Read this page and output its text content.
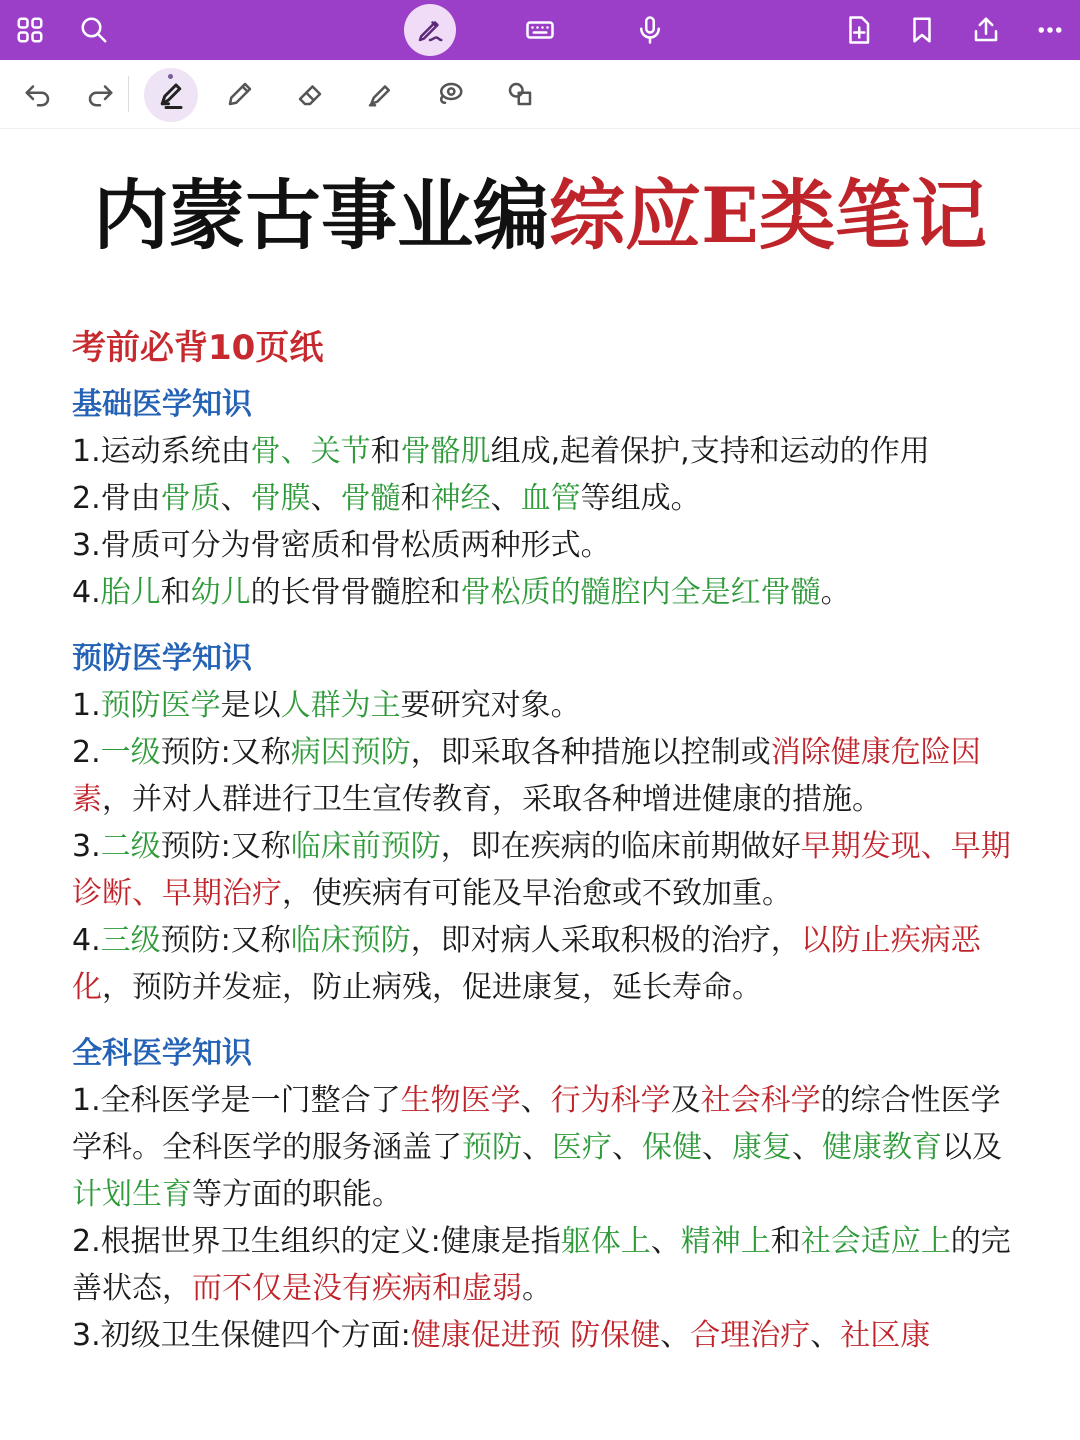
内蒙古事业编综应E类笔记
考前必背10页纸
基础医学知识

1.运动系统由骨、关节和骨骼肌组成,起着保护,支持和运动的作用

2.骨由骨质、骨膜、骨髓和神经、血管等组成。

3.骨质可分为骨密质和骨松质两种形式。

4.胎儿和幼儿的长骨骨髓腔和骨松质的髓腔内全是红骨髓。

预防医学知识

1.预防医学是以人群为主要研究对象。

2.一级预防:又称病因预防，即采取各种措施以控制或消除健康危险因素，并对人群进行卫生宣传教育，采取各种增进健康的措施。

3.二级预防:又称临床前预防，即在疾病的临床前期做好早期发现、早期诊断、早期治疗，使疾病有可能及早治愈或不致加重。

4.三级预防:又称临床预防，即对病人采取积极的治疗，以防止疾病恶化，预防并发症，防止病残，促进康复，延长寿命。

全科医学知识

1.全科医学是一门整合了生物医学、行为科学及社会科学的综合性医学学科。全科医学的服务涵盖了预防、医疗、保健、康复、健康教育以及计划生育等方面的职能。

2.根据世界卫生组织的定义:健康是指躯体上、精神上和社会适应上的完善状态，而不仅是没有疾病和虚弱。

3.初级卫生保健四个方面:健康促进预 防保健、合理治疗、社区康
